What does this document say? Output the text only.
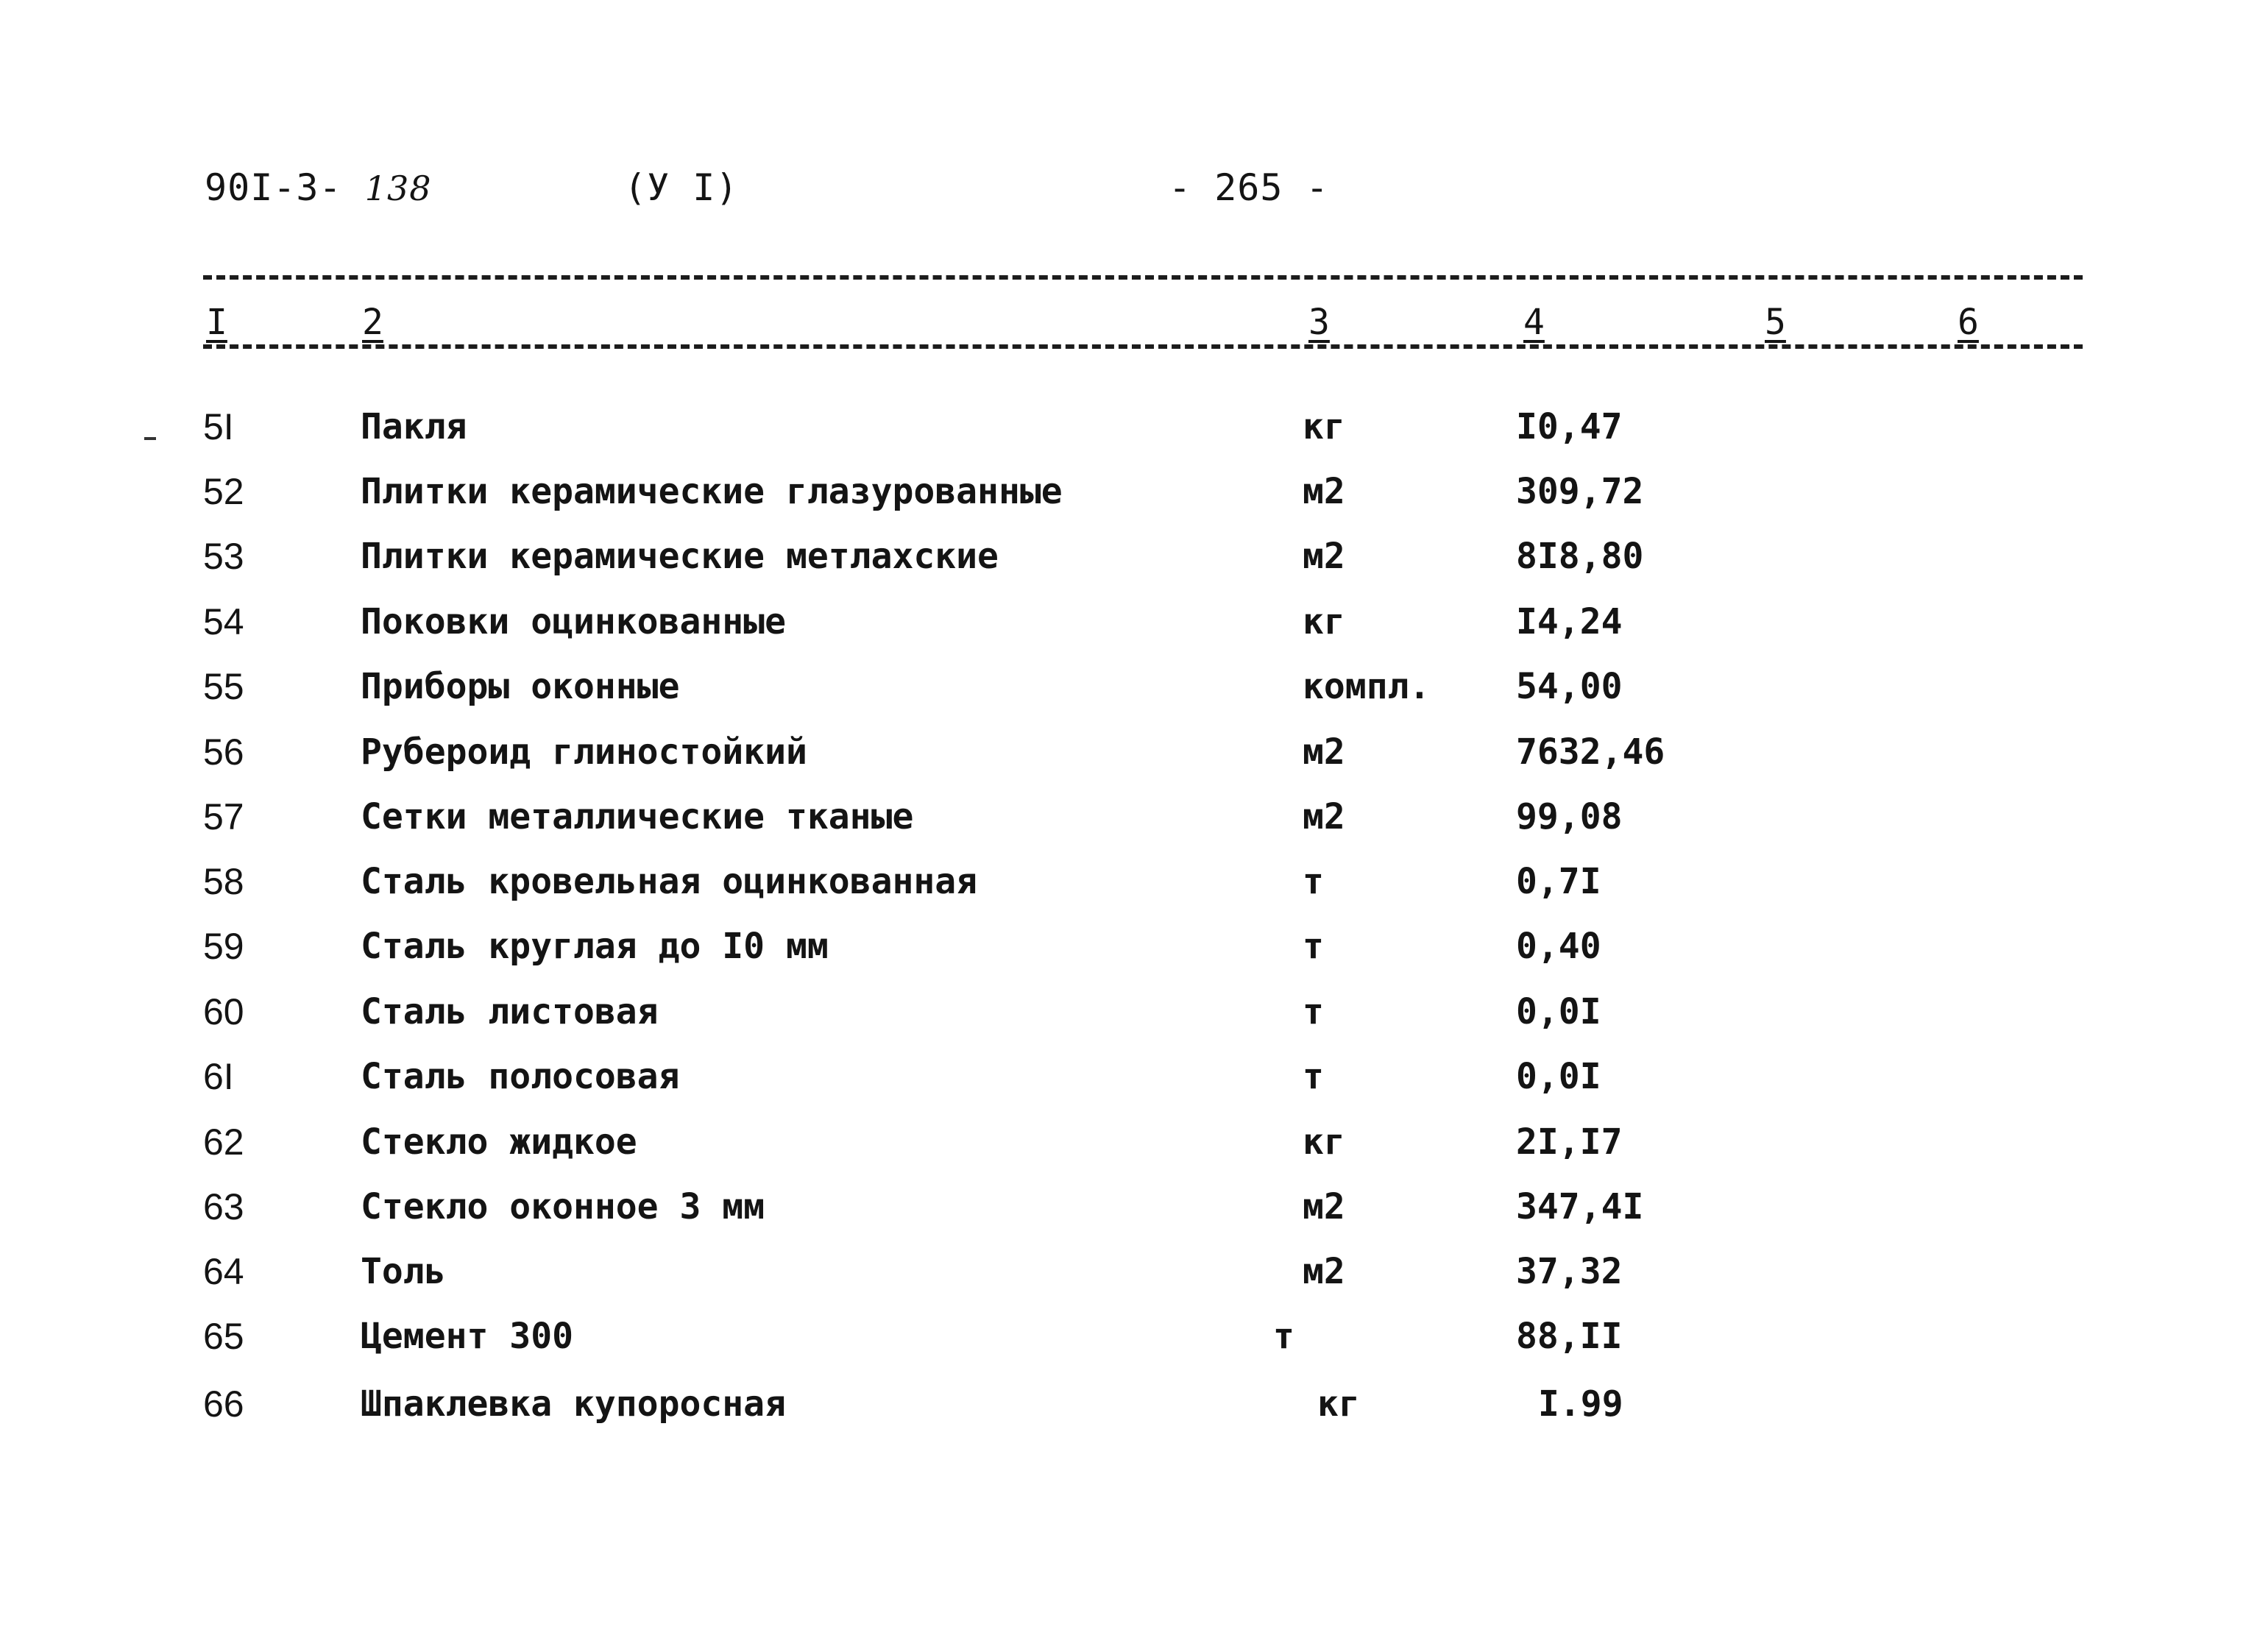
90I-3- 138	(У I)	- 265 -
I	2	3	4	5	6
5I	Пакля	кг	I0,47
52	Плитки керамические глазурованные	м2	309,72
53	Плитки керамические метлахские	м2	8I8,80
54	Поковки оцинкованные	кг	I4,24
55	Приборы оконные	компл. 54,00
56	Рубероид глиностойкий	м2	7632,46
57	Сетки металлические тканые	м2	99,08
58	Сталь кровельная оцинкованная	т	0,7I
59	Сталь круглая до I0 мм	т	0,40
60	Сталь листовая	т	0,0I
6I	Сталь полосовая	т	0,0I
62	Стекло жидкое	кг	2I,I7
63	Стекло оконное 3 мм	м2	347,4I
64	Толь	м2	37,32
65	Цемент 300	т	88,II
66	Шпаклевка купоросная	кг	I.99
